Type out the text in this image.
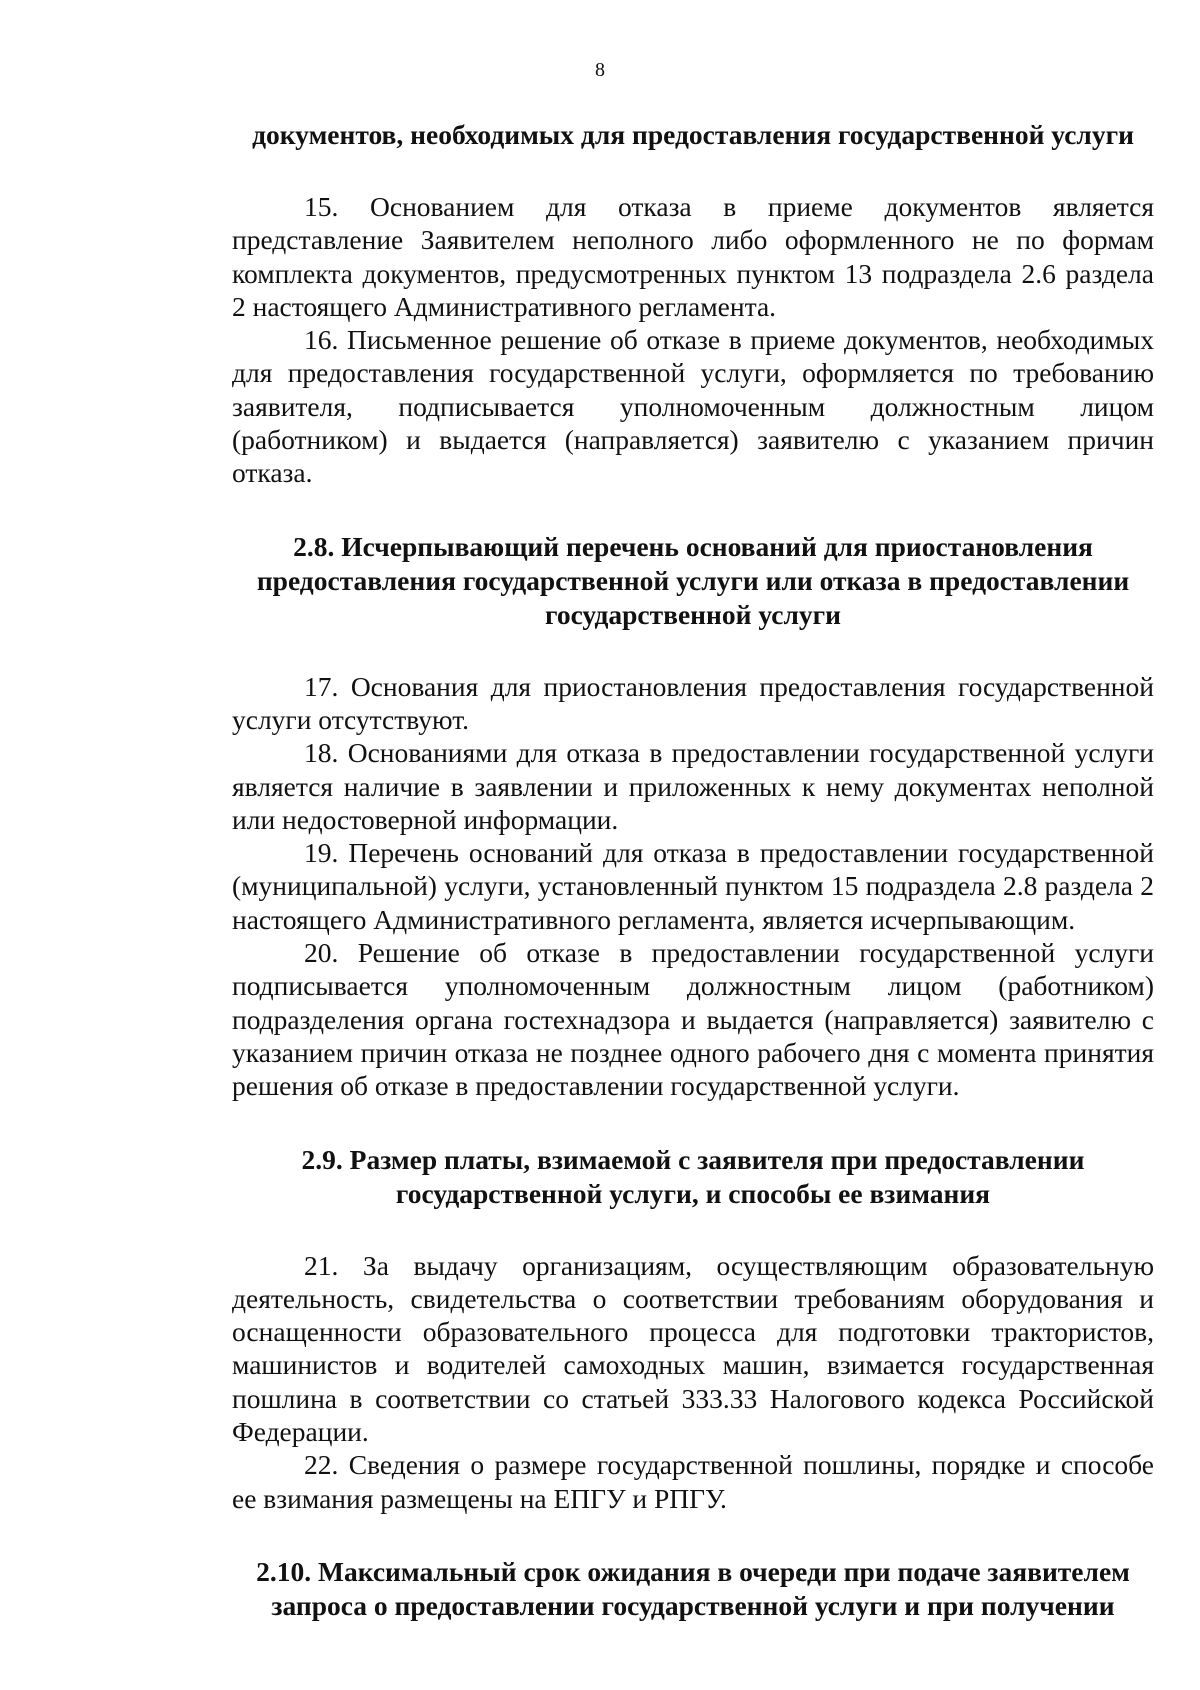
8

документов, необходимых для предоставления государственной услуги

15. Основанием для отказа в приеме документов является представление Заявителем неполного либо оформленного не по формам комплекта документов, предусмотренных пунктом 13 подраздела 2.6 раздела 2 настоящего Административного регламента.

16. Письменное решение об отказе в приеме документов, необходимых для предоставления государственной услуги, оформляется по требованию заявителя, подписывается уполномоченным должностным лицом (работником) и выдается (направляется) заявителю с указанием причин отказа.

2.8. Исчерпывающий перечень оснований для приостановления предоставления государственной услуги или отказа в предоставлении государственной услуги

17. Основания для приостановления предоставления государственной услуги отсутствуют.

18. Основаниями для отказа в предоставлении государственной услуги является наличие в заявлении и приложенных к нему документах неполной или недостоверной информации.

19. Перечень оснований для отказа в предоставлении государственной (муниципальной) услуги, установленный пунктом 15 подраздела 2.8 раздела 2 настоящего Административного регламента, является исчерпывающим.

20. Решение об отказе в предоставлении государственной услуги подписывается уполномоченным должностным лицом (работником) подразделения органа гостехнадзора и выдается (направляется) заявителю с указанием причин отказа не позднее одного рабочего дня с момента принятия решения об отказе в предоставлении государственной услуги.

2.9. Размер платы, взимаемой с заявителя при предоставлении государственной услуги, и способы ее взимания

21. За выдачу организациям, осуществляющим образовательную деятельность, свидетельства о соответствии требованиям оборудования и оснащенности образовательного процесса для подготовки трактористов, машинистов и водителей самоходных машин, взимается государственная пошлина в соответствии со статьей 333.33 Налогового кодекса Российской Федерации.

22. Сведения о размере государственной пошлины, порядке и способе ее взимания размещены на ЕПГУ и РПГУ.

2.10. Максимальный срок ожидания в очереди при подаче заявителем запроса о предоставлении государственной услуги и при получении
